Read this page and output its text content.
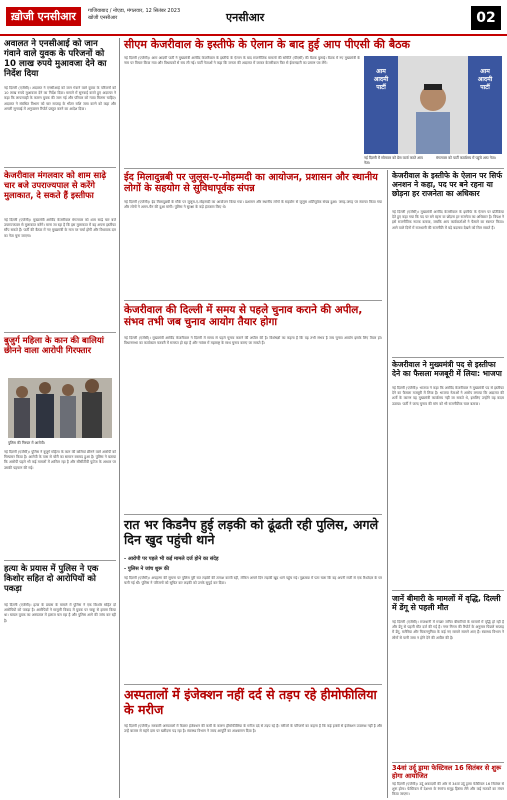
ख़ोजी एनसीआर	गाजियाबाद / नोएडा, मंगलवार, 12 सितंबर 2023
खोजी एनसीआर	एनसीआर	02
अवालत ने एनसीआई को जान गंवाने वाले युवक के परिजनों को 10 लाख रुपये मुआवजा देने का निर्देश दिया
नई दिल्ली (एजेंसी)। अदालत ने एनसीआई को जान गंवाने वाले युवक के परिजनों को 10 लाख रुपये मुआवजा देने का निर्देश दिया। मामले में सुनवाई करते हुए अदालत ने कहा कि लापरवाही के कारण युवक की जान गई और परिवार को न्याय मिलना चाहिए। अदालत ने संबंधित विभाग को चार सप्ताह के भीतर राशि जमा करने को कहा और अगली सुनवाई में अनुपालन रिपोर्ट प्रस्तुत करने का आदेश दिया।
केजरीवाल मंगलवार को शाम साढ़े चार बजे उपराज्यपाल से करेंगे मुलाकात, दे सकते हैं इस्तीफा
नई दिल्ली (एजेंसी)। मुख्यमंत्री अरविंद केजरीवाल मंगलवार को शाम साढ़े चार बजे उपराज्यपाल से मुलाकात करेंगे। माना जा रहा है कि इस मुलाकात में वह अपना इस्तीफा सौंप सकते हैं। पार्टी की बैठक में नए मुख्यमंत्री के नाम पर चर्चा होगी और विधायक दल का नेता चुना जाएगा।
बुजुर्ग महिला के कान की बालियां छीनने वाला आरोपी गिरफ्तार
पुलिस की गिरफ्त में आरोपी।
नई दिल्ली (एजेंसी)। पुलिस ने बुजुर्ग महिला के कान की बालियां छीनने वाले आरोपी को गिरफ्तार किया है। आरोपी के पास से चोरी का सामान बरामद हुआ है। पुलिस ने बताया कि आरोपी पहले भी कई मामलों में शामिल रहा है और सीसीटीवी फुटेज के आधार पर उसकी पहचान की गई।
हत्या के प्रयास में पुलिस ने एक किशोर सहित दो आरोपियों को पकड़ा
नई दिल्ली (एजेंसी)। हत्या के प्रयास के मामले में पुलिस ने एक किशोर सहित दो आरोपियों को पकड़ा है। आरोपियों ने मामूली विवाद में युवक पर चाकू से हमला किया था। घायल युवक का अस्पताल में इलाज चल रहा है और पुलिस आगे की जांच कर रही है।
सीएम केजरीवाल के इस्तीफे के ऐलान के बाद हुई आप पीएसी की बैठक
नई दिल्ली (एजेंसी)। आम आदमी पार्टी ने मुख्यमंत्री अरविंद केजरीवाल के इस्तीफे के ऐलान के बाद राजनीतिक मामलों की समिति (पीएसी) की बैठक बुलाई। बैठक में नए मुख्यमंत्री के नाम पर विचार किया गया और विधायकों से राय ली गई। पार्टी नेताओं ने कहा कि जनता की अदालत में जाकर केजरीवाल फिर से ईमानदारी का प्रमाण पत्र लेंगे।
आम
आदमी
पार्टी
आम
आदमी
पार्टी
नई दिल्ली में सोमवार को प्रेस वार्ता करते आप नेता।
मंगलवार को पार्टी कार्यालय में पहुंचे आप नेता।
ईद मिलादुन्नबी पर जुलूस-ए-मोहम्मदी का आयोजन, प्रशासन और स्थानीय लोगों के सहयोग से सुविधापूर्वक संपन्न
नई दिल्ली (एजेंसी)। ईद मिलादुन्नबी के मौके पर जुलूस-ए-मोहम्मदी का आयोजन किया गया। प्रशासन और स्थानीय लोगों के सहयोग से जुलूस शांतिपूर्वक संपन्न हुआ। जगह-जगह पर स्वागत किया गया और लोगों ने अमन-चैन की दुआ मांगी। पुलिस ने सुरक्षा के कड़े इंतजाम किए थे।
केजरीवाल की दिल्ली में समय से पहले चुनाव कराने की अपील, संभव तभी जब चुनाव आयोग तैयार होगा
नई दिल्ली (एजेंसी)। मुख्यमंत्री अरविंद केजरीवाल ने दिल्ली में समय से पहले चुनाव कराने की अपील की है। विशेषज्ञों का कहना है कि यह तभी संभव है जब चुनाव आयोग इसके लिए तैयार हो। विधानसभा का कार्यकाल फरवरी में समाप्त हो रहा है और नवंबर में महाराष्ट्र के साथ चुनाव कराए जा सकते हैं।
रात भर किडनैप हुई लड़की को ढूंढती रही पुलिस, अगले दिन खुद पहुंची थाने
- आरोपी पर पहले भी कई मामले दर्ज होने का संदेह
- पुलिस ने जांच शुरू की
नई दिल्ली (एजेंसी)। अपहरण की सूचना पर पुलिस पूरी रात लड़की की तलाश करती रही, लेकिन अगले दिन लड़की खुद थाने पहुंच गई। पूछताछ में पता चला कि वह अपनी मर्जी से एक रिश्तेदार के घर चली गई थी। पुलिस ने परिजनों को सूचित कर लड़की को उनके सुपुर्द कर दिया।
अस्पतालों में इंजेक्शन नहीं दर्द से तड़प रहे हीमोफीलिया के मरीज
नई दिल्ली (एजेंसी)। सरकारी अस्पतालों में फैक्टर इंजेक्शन की कमी के कारण हीमोफीलिया के मरीज दर्द से तड़प रहे हैं। मरीजों के परिजनों का कहना है कि कई हफ्तों से इंजेक्शन उपलब्ध नहीं है और उन्हें बाजार से महंगे दाम पर खरीदना पड़ रहा है। स्वास्थ्य विभाग ने जल्द आपूर्ति का आश्वासन दिया है।
केजरीवाल के इस्तीफे के ऐलान पर सिर्फ अनशन ने कहा, पद पर बने रहना या छोड़ना हर राजनेता का अधिकार
नई दिल्ली (एजेंसी)। मुख्यमंत्री अरविंद केजरीवाल के इस्तीफे के ऐलान पर प्रतिक्रिया देते हुए कहा गया कि पद पर बने रहना या छोड़ना हर राजनेता का अधिकार है। विपक्ष ने इसे राजनीतिक नाटक बताया, जबकि आप कार्यकर्ताओं ने फैसले का स्वागत किया। आने वाले दिनों में राजधानी की राजनीति में बड़े बदलाव देखने को मिल सकते हैं।
केजरीवाल ने मुख्यमंत्री पद से इस्तीफा देने का फैसला मजबूरी में लिया: भाजपा
नई दिल्ली (एजेंसी)। भाजपा ने कहा कि अरविंद केजरीवाल ने मुख्यमंत्री पद से इस्तीफा देने का फैसला मजबूरी में लिया है। भाजपा नेताओं ने आरोप लगाया कि अदालत की शर्तों के कारण वह मुख्यमंत्री कार्यालय नहीं जा सकते थे, इसलिए उन्होंने यह कदम उठाया। पार्टी ने जल्द चुनाव की मांग को भी राजनीतिक चाल बताया।
जानें बीमारी के मामलों में वृद्धि, दिल्ली में डेंगू से पहली मौत
नई दिल्ली (एजेंसी)। राजधानी में मच्छर जनित बीमारियों के मामलों में वृद्धि हो रही है और डेंगू से पहली मौत दर्ज की गई है। नगर निगम की रिपोर्ट के अनुसार पिछले सप्ताह में डेंगू, मलेरिया और चिकनगुनिया के कई नए मामले सामने आए हैं। स्वास्थ्य विभाग ने लोगों से पानी जमा न होने देने की अपील की है।
34वां उर्दू ड्रामा फेस्टिवल 16 सितंबर से शुरू होगा आयोजित
नई दिल्ली (एजेंसी)। उर्दू अकादमी की ओर से 34वां उर्दू ड्रामा फेस्टिवल 16 सितंबर से शुरू होगा। फेस्टिवल में देशभर के रंगमंच समूह हिस्सा लेंगे और कई नाटकों का मंचन किया जाएगा।
